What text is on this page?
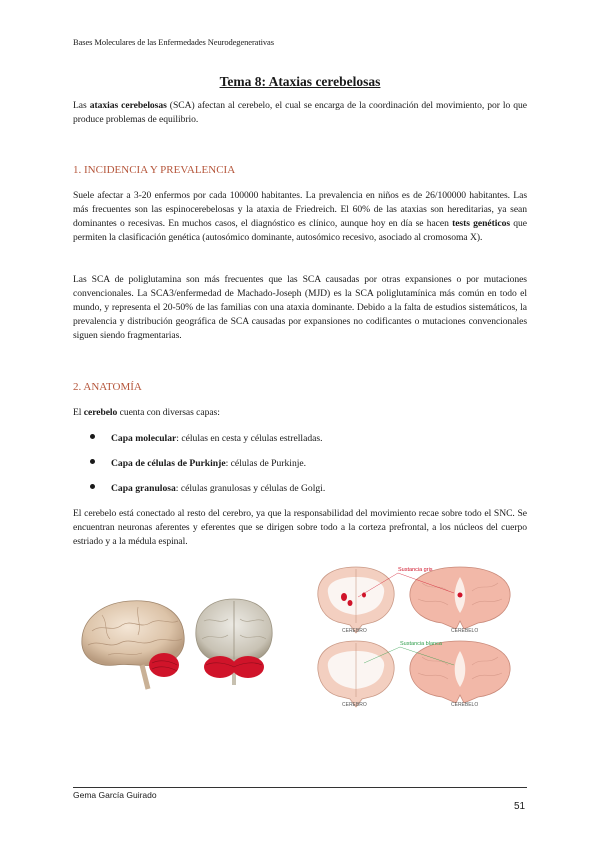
Bases Moleculares de las Enfermedades Neurodegenerativas
Tema 8: Ataxias cerebelosas
Las ataxias cerebelosas (SCA) afectan al cerebelo, el cual se encarga de la coordinación del movimiento, por lo que produce problemas de equilibrio.
1. INCIDENCIA Y PREVALENCIA
Suele afectar a 3-20 enfermos por cada 100000 habitantes. La prevalencia en niños es de 26/100000 habitantes. Las más frecuentes son las espinocerebelosas y la ataxia de Friedreich. El 60% de las ataxias son hereditarias, ya sean dominantes o recesivas. En muchos casos, el diagnóstico es clínico, aunque hoy en día se hacen tests genéticos que permiten la clasificación genética (autosómico dominante, autosómico recesivo, asociado al cromosoma X).
Las SCA de poliglutamina son más frecuentes que las SCA causadas por otras expansiones o por mutaciones convencionales. La SCA3/enfermedad de Machado-Joseph (MJD) es la SCA poliglutamínica más común en todo el mundo, y representa el 20-50% de las familias con una ataxia dominante. Debido a la falta de estudios sistemáticos, la prevalencia y distribución geográfica de SCA causadas por expansiones no codificantes o mutaciones convencionales siguen siendo fragmentarias.
2. ANATOMÍA
El cerebelo cuenta con diversas capas:
Capa molecular: células en cesta y células estrelladas.
Capa de células de Purkinje: células de Purkinje.
Capa granulosa: células granulosas y células de Golgi.
El cerebelo está conectado al resto del cerebro, ya que la responsabilidad del movimiento recae sobre todo el SNC. Se encuentran neuronas aferentes y eferentes que se dirigen sobre todo a la corteza prefrontal, a los núcleos del cuerpo estriado y a la médula espinal.
CEREBRO	CEREBELO
Sustancia gris
CEREBRO	CEREBELO
Sustancia blanca
Gema García Guirado
51
